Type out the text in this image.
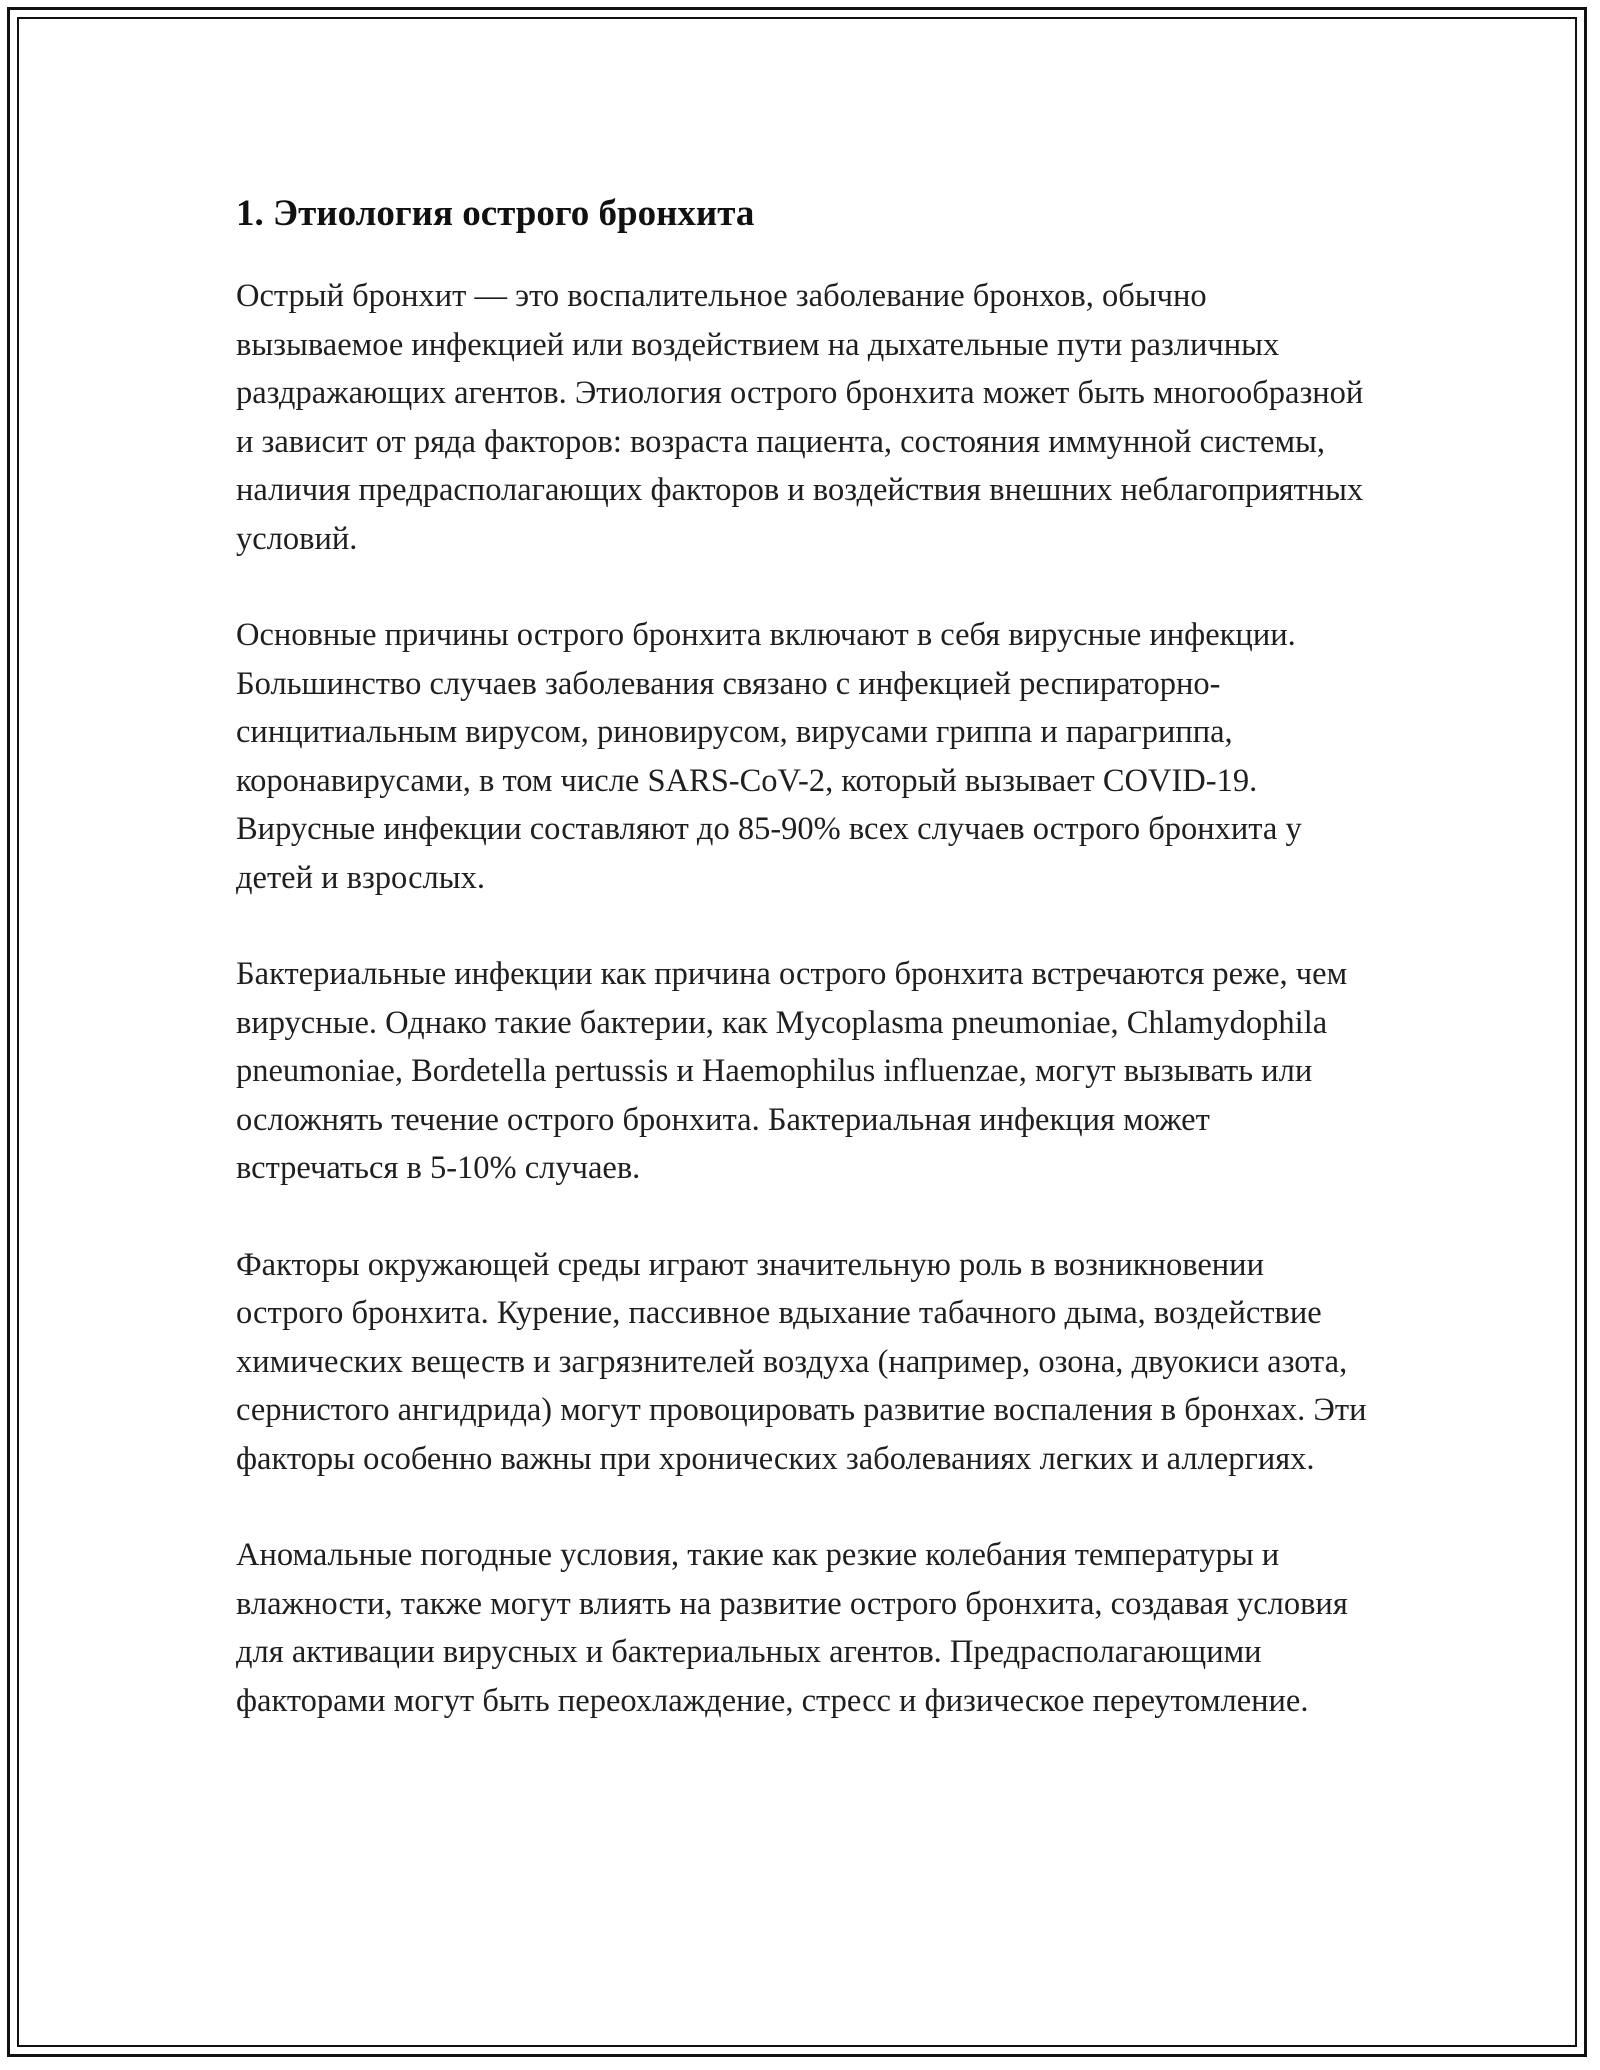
1. Этиология острого бронхита

Острый бронхит — это воспалительное заболевание бронхов, обычно вызываемое инфекцией или воздействием на дыхательные пути различных раздражающих агентов. Этиология острого бронхита может быть многообразной и зависит от ряда факторов: возраста пациента, состояния иммунной системы, наличия предрасполагающих факторов и воздействия внешних неблагоприятных условий.

Основные причины острого бронхита включают в себя вирусные инфекции. Большинство случаев заболевания связано с инфекцией респираторно-синцитиальным вирусом, риновирусом, вирусами гриппа и парагриппа, коронавирусами, в том числе SARS-CoV-2, который вызывает COVID-19. Вирусные инфекции составляют до 85-90% всех случаев острого бронхита у детей и взрослых.

Бактериальные инфекции как причина острого бронхита встречаются реже, чем вирусные. Однако такие бактерии, как Mycoplasma pneumoniae, Chlamydophila pneumoniae, Bordetella pertussis и Haemophilus influenzae, могут вызывать или осложнять течение острого бронхита. Бактериальная инфекция может встречаться в 5-10% случаев.

Факторы окружающей среды играют значительную роль в возникновении острого бронхита. Курение, пассивное вдыхание табачного дыма, воздействие химических веществ и загрязнителей воздуха (например, озона, двуокиси азота, сернистого ангидрида) могут провоцировать развитие воспаления в бронхах. Эти факторы особенно важны при хронических заболеваниях легких и аллергиях.

Аномальные погодные условия, такие как резкие колебания температуры и влажности, также могут влиять на развитие острого бронхита, создавая условия для активации вирусных и бактериальных агентов. Предрасполагающими факторами могут быть переохлаждение, стресс и физическое переутомление.
